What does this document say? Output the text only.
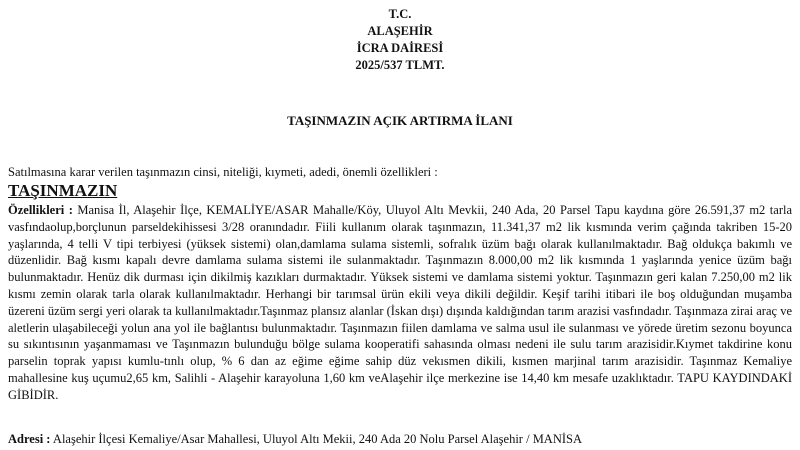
T.C.
ALAŞEHİR
İCRA DAİRESİ
2025/537 TLMT.
TAŞINMAZIN AÇIK ARTIRMA İLANI
Satılmasına karar verilen taşınmazın cinsi, niteliği, kıymeti, adedi, önemli özellikleri :
TAŞINMAZIN
Özellikleri : Manisa İl, Alaşehir İlçe, KEMALİYE/ASAR Mahalle/Köy, Uluyol Altı Mevkii, 240 Ada, 20 Parsel Tapu kaydına göre 26.591,37 m2 tarla vasfındaolup,borçlunun parseldekihissesi 3/28 oranındadır. Fiili kullanım olarak taşınmazın, 11.341,37 m2 lik kısmında verim çağında takriben 15-20 yaşlarında, 4 telli V tipi terbiyesi (yüksek sistemi) olan,damlama sulama sistemli, sofralık üzüm bağı olarak kullanılmaktadır. Bağ oldukça bakımlı ve düzenlidir. Bağ kısmı kapalı devre damlama sulama sistemi ile sulanmaktadır. Taşınmazın 8.000,00 m2 lik kısmında 1 yaşlarında yenice üzüm bağı bulunmaktadır. Henüz dik durması için dikilmiş kazıkları durmaktadır. Yüksek sistemi ve damlama sistemi yoktur. Taşınmazın geri kalan 7.250,00 m2 lik kısmı zemin olarak tarla olarak kullanılmaktadır. Herhangi bir tarımsal ürün ekili veya dikili değildir. Keşif tarihi itibari ile boş olduğundan muşamba üzereni üzüm sergi yeri olarak ta kullanılmaktadır.Taşınmaz plansız alanlar (İskan dışı) dışında kaldığından tarım arazisi vasfındadır. Taşınmaza zirai araç ve aletlerin ulaşabileceği yolun ana yol ile bağlantısı bulunmaktadır. Taşınmazın fiilen damlama ve salma usul ile sulanması ve yörede üretim sezonu boyunca su sıkıntısının yaşanmaması ve Taşınmazın bulunduğu bölge sulama kooperatifi sahasında olması nedeni ile sulu tarım arazisidir.Kıymet takdirine konu parselin toprak yapısı kumlu-tınlı olup, % 6 dan az eğime eğime sahip düz vekısmen dikili, kısmen marjinal tarım arazisidir. Taşınmaz Kemaliye mahallesine kuş uçumu2,65 km, Salihli - Alaşehir karayoluna 1,60 km veAlaşehir ilçe merkezine ise 14,40 km mesafe uzaklıktadır. TAPU KAYDINDAKİ GİBİDİR.
Adresi : Alaşehir İlçesi Kemaliye/Asar Mahallesi, Uluyol Altı Mekii, 240 Ada 20 Nolu Parsel Alaşehir / MANİSA
